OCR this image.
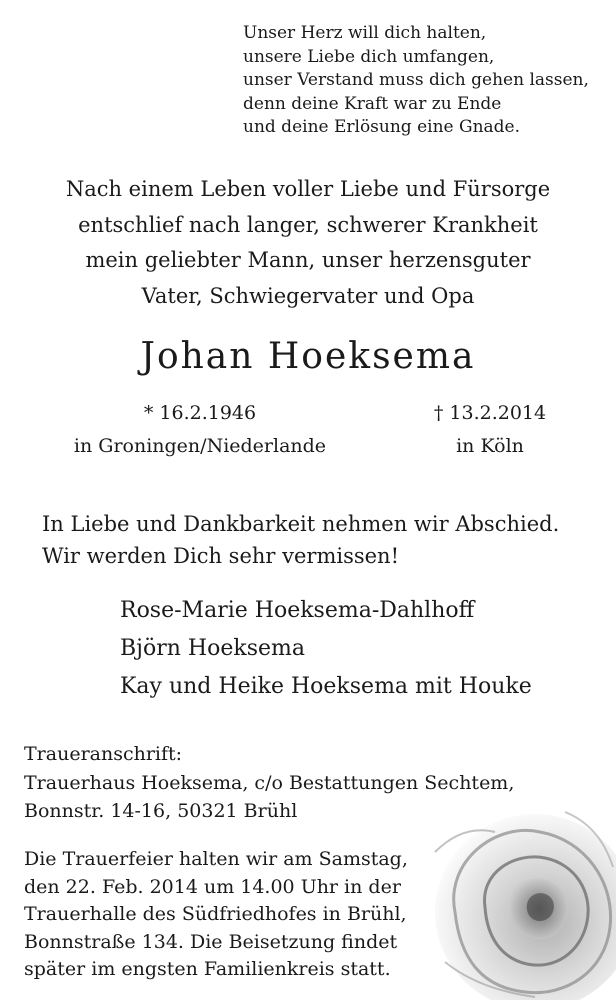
Unser Herz will dich halten,
unsere Liebe dich umfangen,
unser Verstand muss dich gehen lassen,
denn deine Kraft war zu Ende
und deine Erlösung eine Gnade.
Nach einem Leben voller Liebe und Fürsorge
entschlief nach langer, schwerer Krankheit
mein geliebter Mann, unser herzensguter
Vater, Schwiegervater und Opa
Johan Hoeksema
* 16.2.1946
in Groningen/Niederlande
† 13.2.2014
in Köln
In Liebe und Dankbarkeit nehmen wir Abschied.
Wir werden Dich sehr vermissen!
Rose-Marie Hoeksema-Dahlhoff
Björn Hoeksema
Kay und Heike Hoeksema mit Houke
Traueranschrift:
Trauerhaus Hoeksema, c/o Bestattungen Sechtem,
Bonnstr. 14-16, 50321 Brühl
Die Trauerfeier halten wir am Samstag,
den 22. Feb. 2014 um 14.00 Uhr in der
Trauerhalle des Südfriedhofes in Brühl,
Bonnstraße 134. Die Beisetzung findet
später im engsten Familienkreis statt.
